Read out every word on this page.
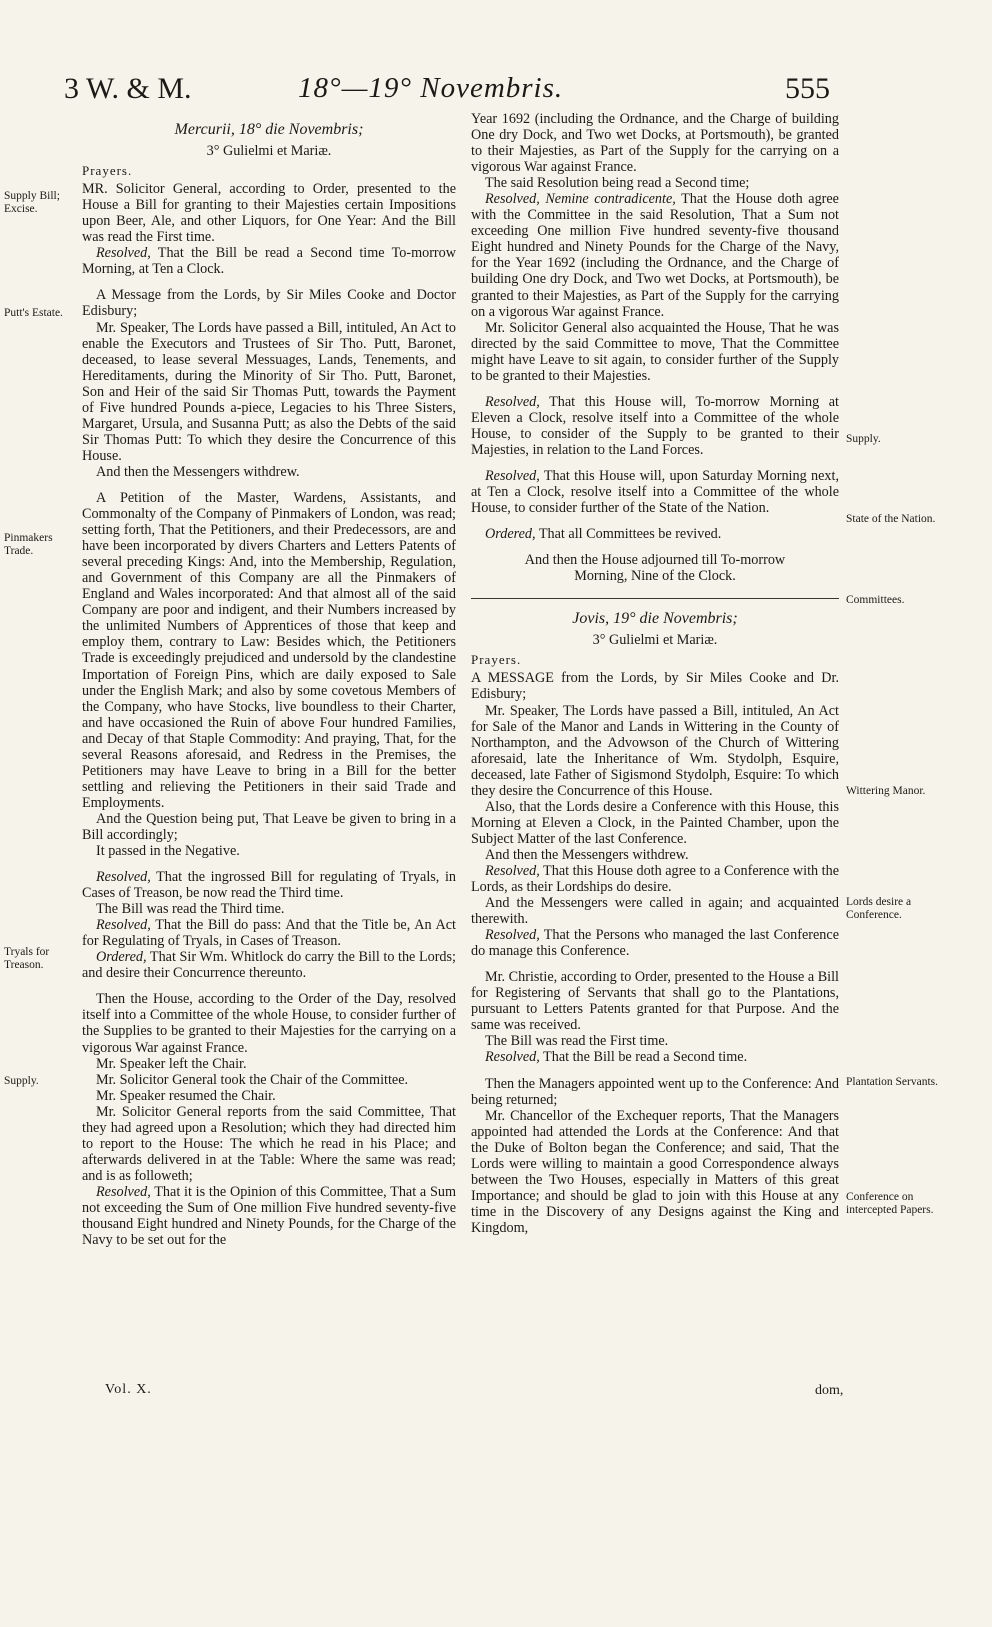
3 W. & M.	18°—19° Novembris.	555
Mercurii, 18° die Novembris;
3° Gulielmi et Mariæ.
Prayers.

MR. Solicitor General, according to Order, presented to the House a Bill for granting to their Majesties certain Impositions upon Beer, Ale, and other Liquors, for One Year: And the Bill was read the First time.

Resolved, That the Bill be read a Second time To-morrow Morning, at Ten a Clock.

A Message from the Lords, by Sir Miles Cooke and Doctor Edisbury;

Mr. Speaker, The Lords have passed a Bill, intituled, An Act to enable the Executors and Trustees of Sir Tho. Putt, Baronet, deceased, to lease several Messuages, Lands, Tenements, and Hereditaments, during the Minority of Sir Tho. Putt, Baronet, Son and Heir of the said Sir Thomas Putt, towards the Payment of Five hundred Pounds a-piece, Legacies to his Three Sisters, Margaret, Ursula, and Susanna Putt; as also the Debts of the said Sir Thomas Putt: To which they desire the Concurrence of this House.

And then the Messengers withdrew.

A Petition of the Master, Wardens, Assistants, and Commonalty of the Company of Pinmakers of London, was read; setting forth, That the Petitioners, and their Predecessors, are and have been incorporated by divers Charters and Letters Patents of several preceding Kings: And, into the Membership, Regulation, and Government of this Company are all the Pinmakers of England and Wales incorporated: And that almost all of the said Company are poor and indigent, and their Numbers increased by the unlimited Numbers of Apprentices of those that keep and employ them, contrary to Law: Besides which, the Petitioners Trade is exceedingly prejudiced and undersold by the clandestine Importation of Foreign Pins, which are daily exposed to Sale under the English Mark; and also by some covetous Members of the Company, who have Stocks, live boundless to their Charter, and have occasioned the Ruin of above Four hundred Families, and Decay of that Staple Commodity: And praying, That, for the several Reasons aforesaid, and Redress in the Premises, the Petitioners may have Leave to bring in a Bill for the better settling and relieving the Petitioners in their said Trade and Employments.

And the Question being put, That Leave be given to bring in a Bill accordingly;

It passed in the Negative.

Resolved, That the ingrossed Bill for regulating of Tryals, in Cases of Treason, be now read the Third time.

The Bill was read the Third time.

Resolved, That the Bill do pass: And that the Title be, An Act for Regulating of Tryals, in Cases of Treason.

Ordered, That Sir Wm. Whitlock do carry the Bill to the Lords; and desire their Concurrence thereunto.

Then the House, according to the Order of the Day, resolved itself into a Committee of the whole House, to consider further of the Supplies to be granted to their Majesties for the carrying on a vigorous War against France.

Mr. Speaker left the Chair.

Mr. Solicitor General took the Chair of the Committee.

Mr. Speaker resumed the Chair.

Mr. Solicitor General reports from the said Committee, That they had agreed upon a Resolution; which they had directed him to report to the House: The which he read in his Place; and afterwards delivered in at the Table: Where the same was read; and is as followeth;

Resolved, That it is the Opinion of this Committee, That a Sum not exceeding the Sum of One million Five hundred seventy-five thousand Eight hundred and Ninety Pounds, for the Charge of the Navy to be set out for the

Year 1692 (including the Ordnance, and the Charge of building One dry Dock, and Two wet Docks, at Portsmouth), be granted to their Majesties, as Part of the Supply for the carrying on a vigorous War against France.

The said Resolution being read a Second time;

Resolved, Nemine contradicente, That the House doth agree with the Committee in the said Resolution, That a Sum not exceeding One million Five hundred seventy-five thousand Eight hundred and Ninety Pounds for the Charge of the Navy, for the Year 1692 (including the Ordnance, and the Charge of building One dry Dock, and Two wet Docks, at Portsmouth), be granted to their Majesties, as Part of the Supply for the carrying on a vigorous War against France.

Mr. Solicitor General also acquainted the House, That he was directed by the said Committee to move, That the Committee might have Leave to sit again, to consider further of the Supply to be granted to their Majesties.

Resolved, That this House will, To-morrow Morning at Eleven a Clock, resolve itself into a Committee of the whole House, to consider of the Supply to be granted to their Majesties, in relation to the Land Forces.

Resolved, That this House will, upon Saturday Morning next, at Ten a Clock, resolve itself into a Committee of the whole House, to consider further of the State of the Nation.

Ordered, That all Committees be revived.

And then the House adjourned till To-morrow Morning, Nine of the Clock.

Jovis, 19° die Novembris;
3° Gulielmi et Mariæ.
Prayers.

A MESSAGE from the Lords, by Sir Miles Cooke and Dr. Edisbury;

Mr. Speaker, The Lords have passed a Bill, intituled, An Act for Sale of the Manor and Lands in Wittering in the County of Northampton, and the Advowson of the Church of Wittering aforesaid, late the Inheritance of Wm. Stydolph, Esquire, deceased, late Father of Sigismond Stydolph, Esquire: To which they desire the Concurrence of this House.

Also, that the Lords desire a Conference with this House, this Morning at Eleven a Clock, in the Painted Chamber, upon the Subject Matter of the last Conference.

And then the Messengers withdrew.

Resolved, That this House doth agree to a Conference with the Lords, as their Lordships do desire.

And the Messengers were called in again; and acquainted therewith.

Resolved, That the Persons who managed the last Conference do manage this Conference.

Mr. Christie, according to Order, presented to the House a Bill for Registering of Servants that shall go to the Plantations, pursuant to Letters Patents granted for that Purpose. And the same was received.

The Bill was read the First time.

Resolved, That the Bill be read a Second time.

Then the Managers appointed went up to the Conference: And being returned;

Mr. Chancellor of the Exchequer reports, That the Managers appointed had attended the Lords at the Conference: And that the Duke of Bolton began the Conference; and said, That the Lords were willing to maintain a good Correspondence always between the Two Houses, especially in Matters of this great Importance; and should be glad to join with this House at any time in the Discovery of any Designs against the King and Kingdom,

Supply Bill; Excise.
Putt's Estate.
Pinmakers Trade.
Tryals for Treason.
Supply.
Supply.
State of the Nation.
Committees.
Wittering Manor.
Lords desire a Conference.
Plantation Servants.
Conference on intercepted Papers.
Vol. X.	dom,
